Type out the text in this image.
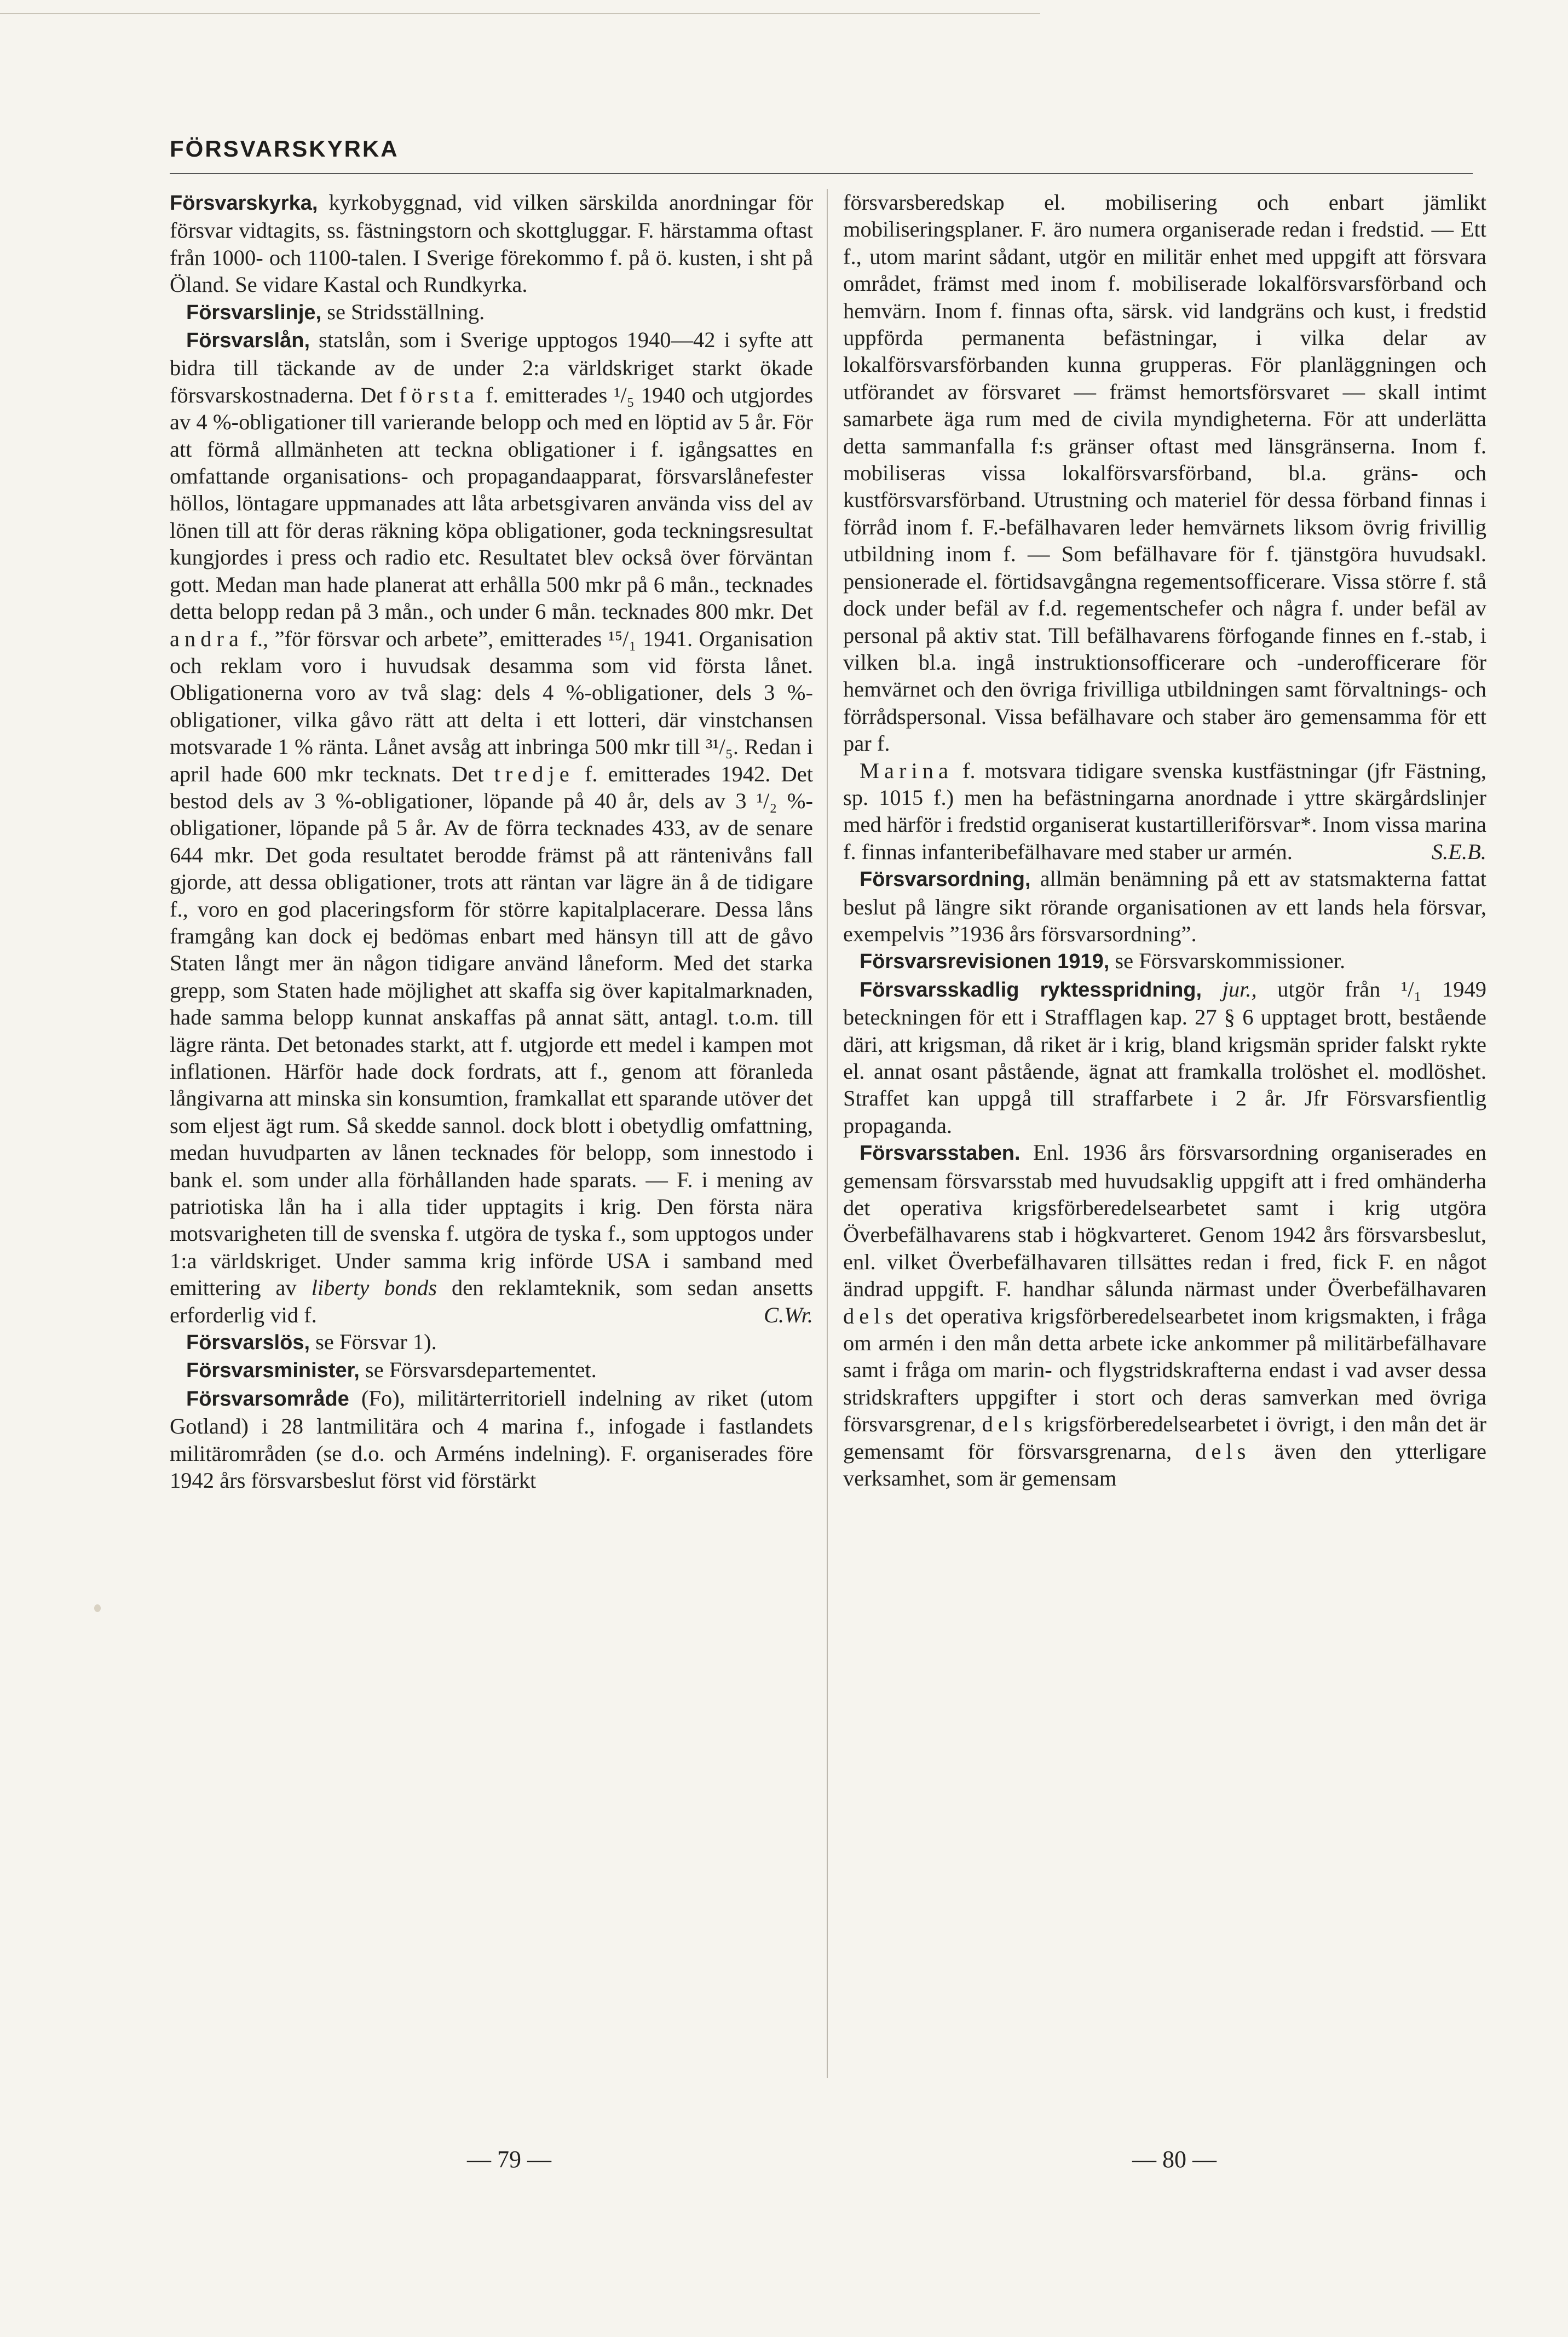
FÖRSVARSKYRKA

Försvarskyrka, kyrkobyggnad, vid vilken särskilda anordningar för försvar vidtagits, ss. fästningstorn och skottgluggar. F. härstamma oftast från 1000- och 1100-talen. I Sverige förekommo f. på ö. kusten, i sht på Öland. Se vidare Kastal och Rundkyrka.

Försvarslinje, se Stridsställning.

Försvarslån, statslån, som i Sverige upptogos 1940—42 i syfte att bidra till täckande av de under 2:a världskriget starkt ökade försvarskostnaderna. Det första f. emitterades ¹/₅ 1940 och utgjordes av 4 %-obligationer till varierande belopp och med en löptid av 5 år. För att förmå allmänheten att teckna obligationer i f. igångsattes en omfattande organisations- och propagandaapparat, försvarslånefester höllos, löntagare uppmanades att låta arbetsgivaren använda viss del av lönen till att för deras räkning köpa obligationer, goda teckningsresultat kungjordes i press och radio etc. Resultatet blev också över förväntan gott. Medan man hade planerat att erhålla 500 mkr på 6 mån., tecknades detta belopp redan på 3 mån., och under 6 mån. tecknades 800 mkr. Det andra f., ”för försvar och arbete”, emitterades ¹⁵/₁ 1941. Organisation och reklam voro i huvudsak desamma som vid första lånet. Obligationerna voro av två slag: dels 4 %-obligationer, dels 3 %-obligationer, vilka gåvo rätt att delta i ett lotteri, där vinstchansen motsvarade 1 % ränta. Lånet avsåg att inbringa 500 mkr till ³¹/₅. Redan i april hade 600 mkr tecknats. Det tredje f. emitterades 1942. Det bestod dels av 3 %-obligationer, löpande på 40 år, dels av 3 ¹/₂ %-obligationer, löpande på 5 år. Av de förra tecknades 433, av de senare 644 mkr. Det goda resultatet berodde främst på att räntenivåns fall gjorde, att dessa obligationer, trots att räntan var lägre än å de tidigare f., voro en god placeringsform för större kapitalplacerare. Dessa låns framgång kan dock ej bedömas enbart med hänsyn till att de gåvo Staten långt mer än någon tidigare använd låneform. Med det starka grepp, som Staten hade möjlighet att skaffa sig över kapitalmarknaden, hade samma belopp kunnat anskaffas på annat sätt, antagl. t.o.m. till lägre ränta. Det betonades starkt, att f. utgjorde ett medel i kampen mot inflationen. Härför hade dock fordrats, att f., genom att föranleda långivarna att minska sin konsumtion, framkallat ett sparande utöver det som eljest ägt rum. Så skedde sannol. dock blott i obetydlig omfattning, medan huvudparten av lånen tecknades för belopp, som innestodo i bank el. som under alla förhållanden hade sparats. — F. i mening av patriotiska lån ha i alla tider upptagits i krig. Den första nära motsvarigheten till de svenska f. utgöra de tyska f., som upptogos under 1:a världskriget. Under samma krig införde USA i samband med emittering av liberty bonds den reklamteknik, som sedan ansetts erforderlig vid f.	C.Wr.

Försvarslös, se Försvar 1).

Försvarsminister, se Försvarsdepartementet.

Försvarsområde (Fo), militärterritoriell indelning av riket (utom Gotland) i 28 lantmilitära och 4 marina f., infogade i fastlandets militärområden (se d.o. och Arméns indelning). F. organiserades före 1942 års försvarsbeslut först vid förstärkt

försvarsberedskap el. mobilisering och enbart jämlikt mobiliseringsplaner. F. äro numera organiserade redan i fredstid. — Ett f., utom marint sådant, utgör en militär enhet med uppgift att försvara området, främst med inom f. mobiliserade lokalförsvarsförband och hemvärn. Inom f. finnas ofta, särsk. vid landgräns och kust, i fredstid uppförda permanenta befästningar, i vilka delar av lokalförsvarsförbanden kunna grupperas. För planläggningen och utförandet av försvaret — främst hemortsförsvaret — skall intimt samarbete äga rum med de civila myndigheterna. För att underlätta detta sammanfalla f:s gränser oftast med länsgränserna. Inom f. mobiliseras vissa lokalförsvarsförband, bl.a. gräns- och kustförsvarsförband. Utrustning och materiel för dessa förband finnas i förråd inom f. F.-befälhavaren leder hemvärnets liksom övrig frivillig utbildning inom f. — Som befälhavare för f. tjänstgöra huvudsakl. pensionerade el. förtidsavgångna regementsofficerare. Vissa större f. stå dock under befäl av f.d. regementschefer och några f. under befäl av personal på aktiv stat. Till befälhavarens förfogande finnes en f.-stab, i vilken bl.a. ingå instruktionsofficerare och -underofficerare för hemvärnet och den övriga frivilliga utbildningen samt förvaltnings- och förrådspersonal. Vissa befälhavare och staber äro gemensamma för ett par f.

Marina f. motsvara tidigare svenska kustfästningar (jfr Fästning, sp. 1015 f.) men ha befästningarna anordnade i yttre skärgårdslinjer med härför i fredstid organiserat kustartilleriförsvar*. Inom vissa marina f. finnas infanteribefälhavare med staber ur armén.	S.E.B.

Försvarsordning, allmän benämning på ett av statsmakterna fattat beslut på längre sikt rörande organisationen av ett lands hela försvar, exempelvis ”1936 års försvarsordning”.

Försvarsrevisionen 1919, se Försvarskommissioner.

Försvarsskadlig ryktesspridning, jur., utgör från ¹/₁ 1949 beteckningen för ett i Strafflagen kap. 27 § 6 upptaget brott, bestående däri, att krigsman, då riket är i krig, bland krigsmän sprider falskt rykte el. annat osant påstående, ägnat att framkalla trolöshet el. modlöshet. Straffet kan uppgå till straffarbete i 2 år. Jfr Försvarsfientlig propaganda.

Försvarsstaben. Enl. 1936 års försvarsordning organiserades en gemensam försvarsstab med huvudsaklig uppgift att i fred omhänderha det operativa krigsförberedelsearbetet samt i krig utgöra Överbefälhavarens stab i högkvarteret. Genom 1942 års försvarsbeslut, enl. vilket Överbefälhavaren tillsättes redan i fred, fick F. en något ändrad uppgift. F. handhar sålunda närmast under Överbefälhavaren dels det operativa krigsförberedelsearbetet inom krigsmakten, i fråga om armén i den mån detta arbete icke ankommer på militärbefälhavare samt i fråga om marin- och flygstridskrafterna endast i vad avser dessa stridskrafters uppgifter i stort och deras samverkan med övriga försvarsgrenar, dels krigsförberedelsearbetet i övrigt, i den mån det är gemensamt för försvarsgrenarna, dels även den ytterligare verksamhet, som är gemensam

— 79 —	— 80 —
